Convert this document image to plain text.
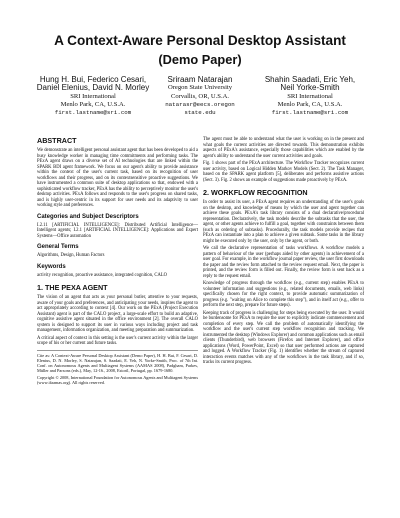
A Context-Aware Personal Desktop Assistant
(Demo Paper)
Hung H. Bui, Federico Cesari,
Daniel Elenius, David N. Morley
SRI International
Menlo Park, CA, U.S.A.
first.lastname@sri.com
Sriraam Natarajan
Oregon State University
Corvallis, OR, U.S.A.
natarasr@eecs.oregonstate.edu
Shahin Saadati, Eric Yeh,
Neil Yorke-Smith
SRI International
Menlo Park, CA, U.S.A.
first.lastname@sri.com
ABSTRACT

We demonstrate an intelligent personal assistant agent that has been developed to aid a busy knowledge worker in managing time commitments and performing tasks. The PExA agent draws on a diverse set of AI technologies that are linked within the SPARK BDI agent framework. We focus on our agent's ability to provide assistance within the context of the user's current task, based on its recognition of user workflows and their progress, and on its contextsensitive proactive suggestions. We have instrumented a common suite of desktop applications so that, endowed with a sophisticated workflow tracker, PExA has the ability to perceptively monitor the user's desktop activities. PExA follows and responds to the user's progress on shared tasks, and is highly user-centric in its support for user needs and its adaptivity to user working style and preferences.

Categories and Subject Descriptors

I.2.11 [ARTIFICIAL INTELLIGENCE]: Distributed Artificial Intelligence—Intelligent agents; I.2.1 [ARTIFICIAL INTELLIGENCE]: Applications and Expert Systems—Office automation

General Terms

Algorithms, Design, Human Factors

Keywords

activity recognition, proactive assistance, integrated cognition, CALO

1. THE PEXA AGENT

The vision of an agent that acts as your personal butler, attentive to your requests, aware of your goals and preferences, and anticipating your needs, inspires the agent to act appropriately according to context [4]. Our work on the PExA (Project Execution Assistant) agent is part of the CALO project, a large-scale effort to build an adaptive, cognitive assistive agent situated in the office environment [2]. The overall CALO system is designed to support its user in various ways including project and task management, information organization, and meeting preparation and summarization.

A critical aspect of context in this setting is the user's current activity within the larger scope of his or her current and future tasks.

Cite as: A Context-Aware Personal Desktop Assistant (Demo Paper), H. H. Bui, F. Cesari, D. Elenius, D. N. Morley, S. Natarajan, S. Saadati, E. Yeh, N. Yorke-Smith, Proc. of 7th Int. Conf. on Autonomous Agents and Multiagent Systems (AAMAS 2008), Padgham, Parkes, Müller and Parsons (eds.), May, 12-16., 2008, Estoril, Portugal, pp. 1679-1680.

Copyright © 2008, International Foundation for Autonomous Agents and Multiagent Systems (www.ifaamas.org). All rights reserved.

The agent must be able to understand what the user is working on in the present and what goals the current activities are directed towards. This demonstration exhibits aspects of PExA's assistance, especially those capabilities which are enabled by the agent's ability to understand the user current activities and goals.

Fig. 1 shows part of the PExA architecture. The Workflow Tracker recognizes current user activity, based on Logical Hidden Markov Models (Sect. 2). The Task Manager, based on the SPARK agent platform [5], deliberates and performs assistive actions (Sect. 3). Fig. 2 shows an example of suggestions made proactively by PExA.

2. WORKFLOW RECOGNITION

In order to assist its user, a PExA agent requires an understanding of the user's goals on the desktop, and knowledge of means by which the user and agent together can achieve these goals. PExA's task library consists of a dual declarative/procedural representation. Declaratively, the task models describe the subtasks that the user, the agent, or other agents achieve to fulfill a goal, together with constraints between them (such as ordering of subtasks). Procedurally, the task models provide recipes that PExA can instantiate into a plan to achieve a given subtask. Some tasks in the library might be executed only by the user, only by the agent, or both.

We call the declarative representation of tasks workflows. A workflow models a pattern of behaviour of the user (perhaps aided by other agents) in achievement of a user goal. For example, in the workflow journal paper review, the user first downloads the paper and the review form attached to the review request email. Next, the paper is printed, and the review form is filled out. Finally, the review form is sent back as a reply to the request email.

Knowledge of progress through the workflow (e.g., current step) enables PExA to volunteer information and suggestions (e.g., related documents, emails, web links) specifically chosen for the right context, to provide automatic summarization of progress (e.g. "waiting on Alice to complete this step"), and in itself act (e.g., offer to perform the next step, prepare for future steps).

Keeping track of progress is challenging for steps being executed by the user. It would be burdensome for PExA to require the user to explicitly indicate commencement and completion of every step. We call the problem of automatically identifying the workflow and the user's current step workflow recognition and tracking. We instrumented the desktop (Windows Explorer) and common applications such as email clients (Thunderbird), web browsers (Firefox and Internet Explorer), and office applications (Word, PowerPoint, Excel) so that user performed actions are captured and logged. A Workflow Tracker (Fig. 1) identifies whether the stream of captured interaction events matches with any of the workflows in the task library, and if so, tracks its current progress.
